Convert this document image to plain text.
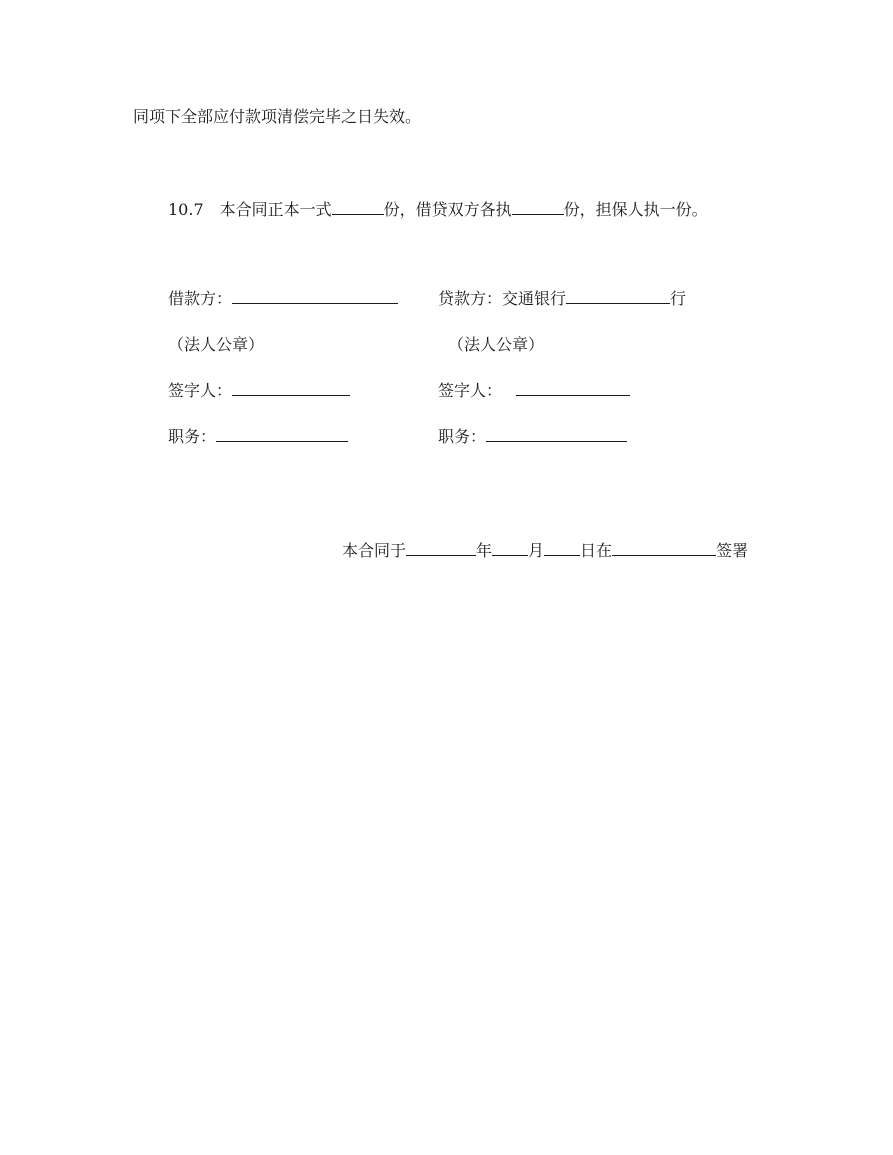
同项下全部应付款项清偿完毕之日失效。
10.7 本合同正本一式	份，借贷双方各执	份，担保人执一份。
借款方：	贷款方：交通银行	行
（法人公章）	（法人公章）
签字人：	签字人：
职务：	职务：
本合同于	年 月 日在	签署
